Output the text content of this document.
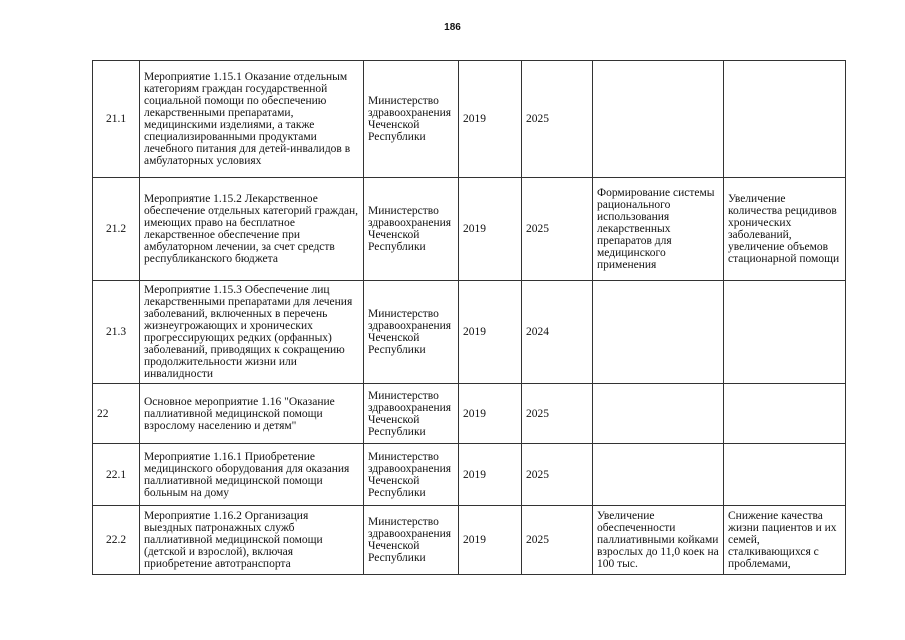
186
21.1	Мероприятие 1.15.1 Оказание отдельным категориям граждан государственной социальной помощи по обеспечению лекарственными препаратами, медицинскими изделиями, а также специализированными продуктами лечебного питания для детей-инвалидов в амбулаторных условиях	Министерство здравоохранения Чеченской Республики	2019	2025		
21.2	Мероприятие 1.15.2 Лекарственное обеспечение отдельных категорий граждан, имеющих право на бесплатное лекарственное обеспечение при амбулаторном лечении, за счет средств республиканского бюджета	Министерство здравоохранения Чеченской Республики	2019	2025	Формирование системы рационального использования лекарственных препаратов для медицинского применения	Увеличение количества рецидивов хронических заболеваний, увеличение объемов стационарной помощи
21.3	Мероприятие 1.15.3 Обеспечение лиц лекарственными препаратами для лечения заболеваний, включенных в перечень жизнеугрожающих и хронических прогрессирующих редких (орфанных) заболеваний, приводящих к сокращению продолжительности жизни или инвалидности	Министерство здравоохранения Чеченской Республики	2019	2024		
22	Основное мероприятие 1.16 "Оказание паллиативной медицинской помощи взрослому населению и детям"	Министерство здравоохранения Чеченской Республики	2019	2025		
22.1	Мероприятие 1.16.1 Приобретение медицинского оборудования для оказания паллиативной медицинской помощи больным на дому	Министерство здравоохранения Чеченской Республики	2019	2025		
22.2	Мероприятие 1.16.2 Организация выездных патронажных служб паллиативной медицинской помощи (детской и взрослой), включая приобретение автотранспорта	Министерство здравоохранения Чеченской Республики	2019	2025	Увеличение обеспеченности паллиативными койками взрослых до 11,0 коек на 100 тыс.	Снижение качества жизни пациентов и их семей, сталкивающихся с проблемами,
